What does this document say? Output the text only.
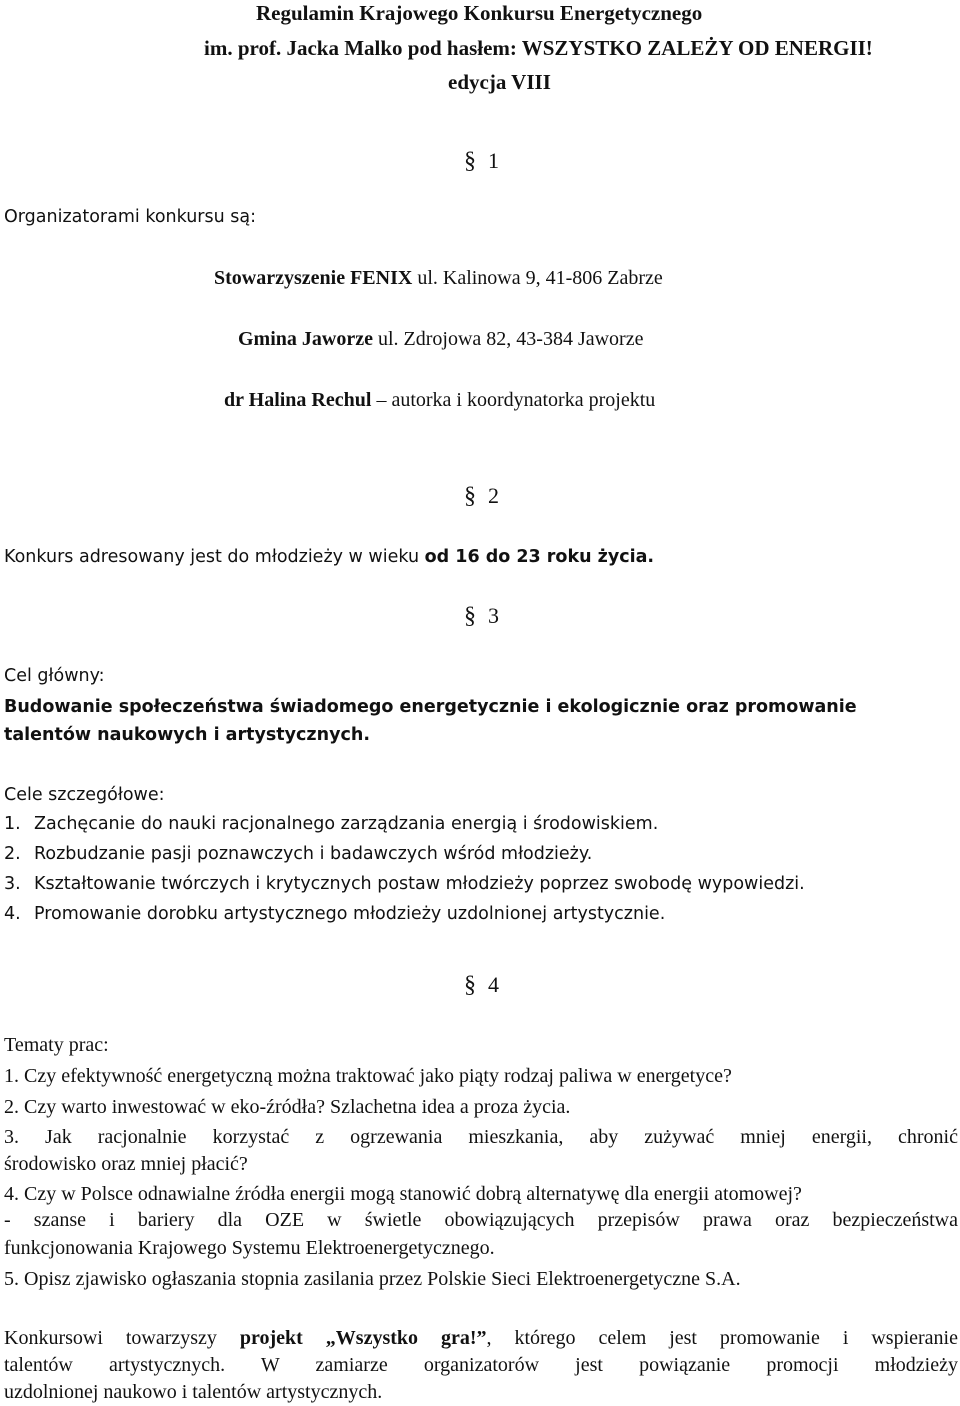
Regulamin Krajowego Konkursu Energetycznego
im. prof. Jacka Malko pod hasłem: WSZYSTKO ZALEŻY OD ENERGII!
edycja VIII
§ 1
Organizatorami konkursu są:
Stowarzyszenie FENIX ul. Kalinowa 9, 41-806 Zabrze
Gmina Jaworze ul. Zdrojowa 82, 43-384 Jaworze
dr Halina Rechul – autorka i koordynatorka projektu
§ 2
Konkurs adresowany jest do młodzieży w wieku od 16 do 23 roku życia.
§ 3
Cel główny:
Budowanie społeczeństwa świadomego energetycznie i ekologicznie oraz promowanie
talentów naukowych i artystycznych.
Cele szczegółowe:
1. Zachęcanie do nauki racjonalnego zarządzania energią i środowiskiem.
2. Rozbudzanie pasji poznawczych i badawczych wśród młodzieży.
3. Kształtowanie twórczych i krytycznych postaw młodzieży poprzez swobodę wypowiedzi.
4. Promowanie dorobku artystycznego młodzieży uzdolnionej artystycznie.
§ 4
Tematy prac:
1. Czy efektywność energetyczną można traktować jako piąty rodzaj paliwa w energetyce?
2. Czy warto inwestować w eko-źródła? Szlachetna idea a proza życia.
3. Jak racjonalnie korzystać z ogrzewania mieszkania, aby zużywać mniej energii, chronić
środowisko oraz mniej płacić?
4. Czy w Polsce odnawialne źródła energii mogą stanowić dobrą alternatywę dla energii atomowej?
- szanse i bariery dla OZE w świetle obowiązujących przepisów prawa oraz bezpieczeństwa
funkcjonowania Krajowego Systemu Elektroenergetycznego.
5. Opisz zjawisko ogłaszania stopnia zasilania przez Polskie Sieci Elektroenergetyczne S.A.
Konkursowi towarzyszy projekt „Wszystko gra!”, którego celem jest promowanie i wspieranie
talentów artystycznych. W zamiarze organizatorów jest powiązanie promocji młodzieży
uzdolnionej naukowo i talentów artystycznych.
